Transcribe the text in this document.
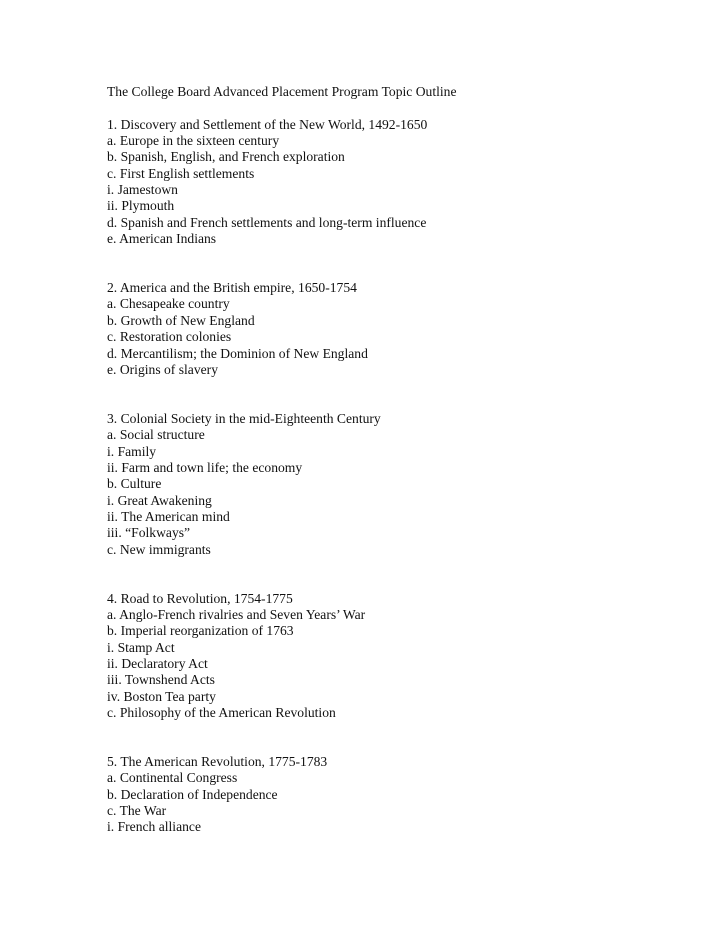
The College Board Advanced Placement Program Topic Outline
1. Discovery and Settlement of the New World, 1492-1650
a. Europe in the sixteen century
b. Spanish, English, and French exploration
c. First English settlements
i. Jamestown
ii. Plymouth
d. Spanish and French settlements and long-term influence
e. American Indians
2. America and the British empire, 1650-1754
a. Chesapeake country
b. Growth of New England
c. Restoration colonies
d. Mercantilism; the Dominion of New England
e. Origins of slavery
3. Colonial Society in the mid-Eighteenth Century
a. Social structure
i. Family
ii. Farm and town life; the economy
b. Culture
i. Great Awakening
ii. The American mind
iii. “Folkways”
c. New immigrants
4. Road to Revolution, 1754-1775
a. Anglo-French rivalries and Seven Years’ War
b. Imperial reorganization of 1763
i. Stamp Act
ii. Declaratory Act
iii. Townshend Acts
iv. Boston Tea party
c. Philosophy of the American Revolution
5. The American Revolution, 1775-1783
a. Continental Congress
b. Declaration of Independence
c. The War
i. French alliance
